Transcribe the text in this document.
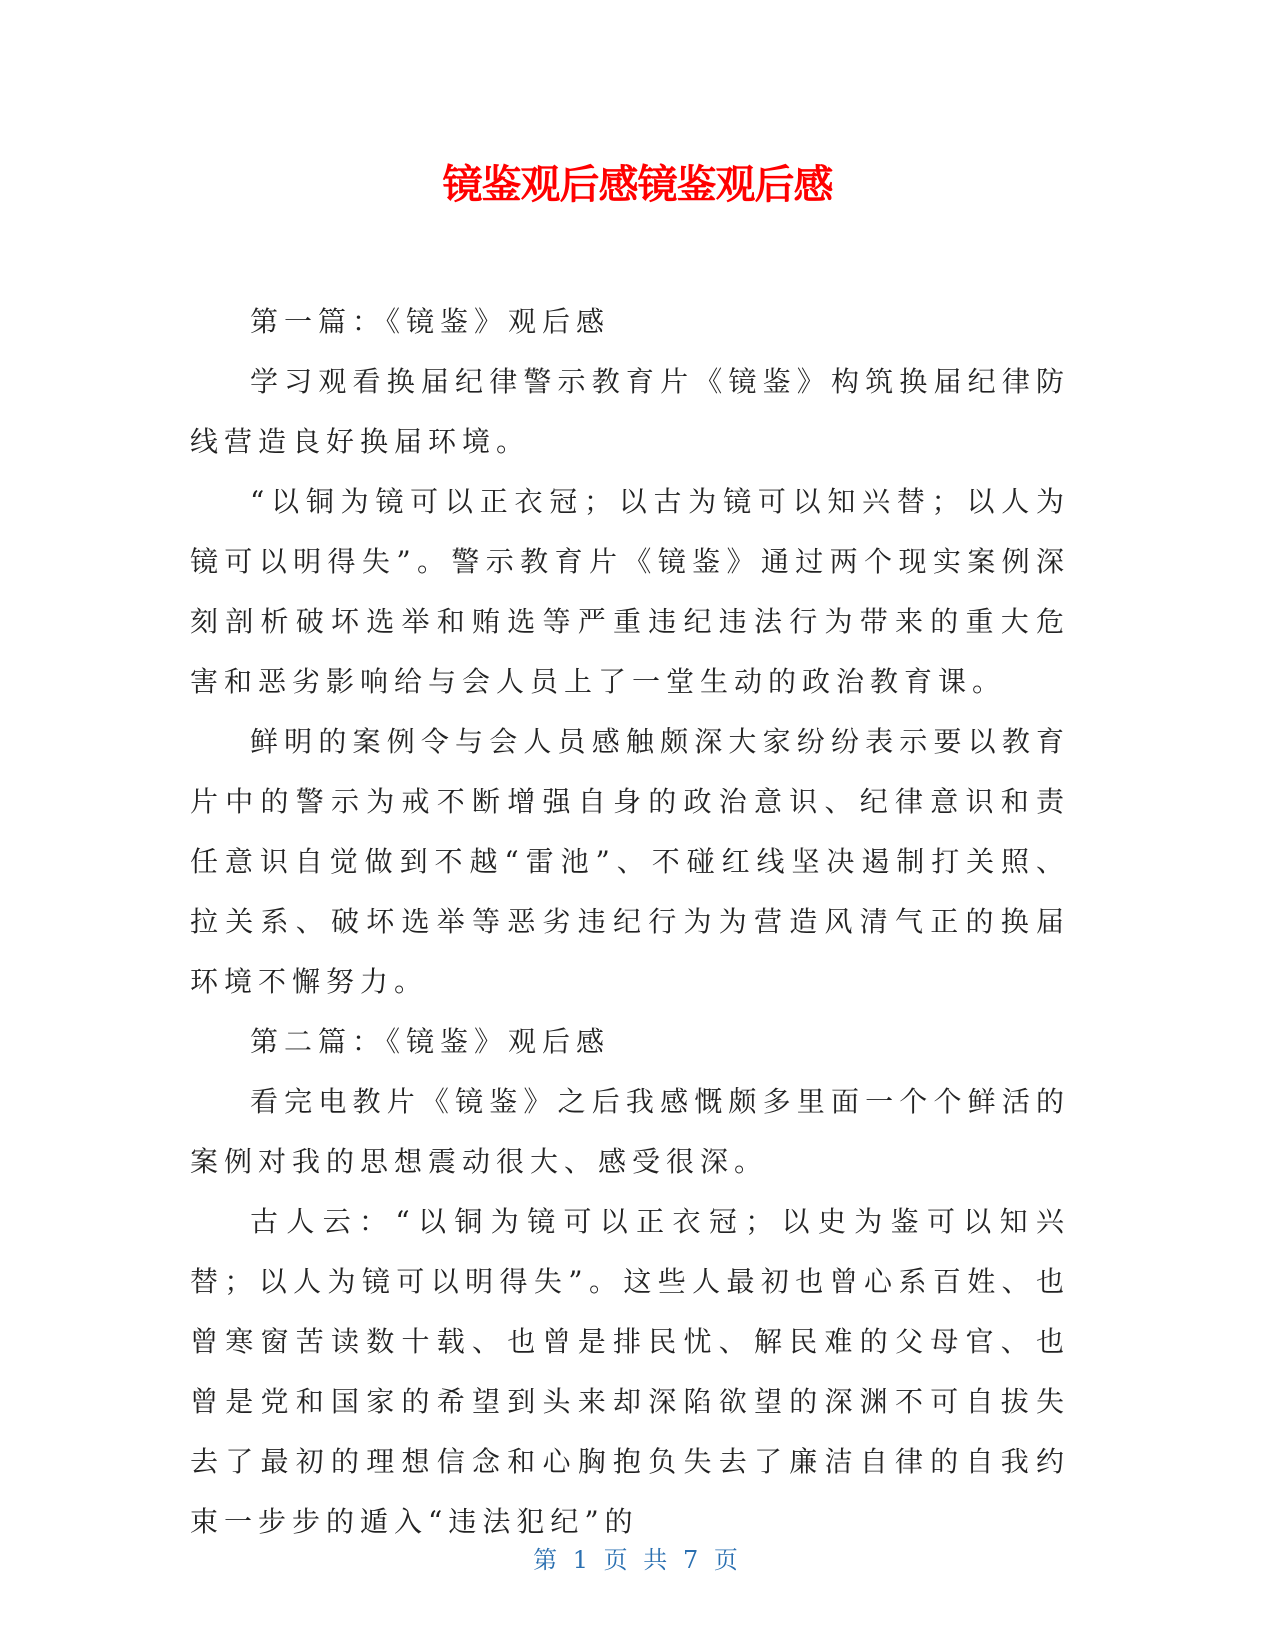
镜鉴观后感镜鉴观后感

第一篇：《镜鉴》观后感

学习观看换届纪律警示教育片《镜鉴》构筑换届纪律防线营造良好换届环境。

“以铜为镜可以正衣冠；以古为镜可以知兴替；以人为镜可以明得失”。警示教育片《镜鉴》通过两个现实案例深刻剖析破坏选举和贿选等严重违纪违法行为带来的重大危害和恶劣影响给与会人员上了一堂生动的政治教育课。

鲜明的案例令与会人员感触颇深大家纷纷表示要以教育片中的警示为戒不断增强自身的政治意识、纪律意识和责任意识自觉做到不越“雷池”、不碰红线坚决遏制打关照、拉关系、破坏选举等恶劣违纪行为为营造风清气正的换届环境不懈努力。

第二篇：《镜鉴》观后感

看完电教片《镜鉴》之后我感慨颇多里面一个个鲜活的案例对我的思想震动很大、感受很深。

古人云：“以铜为镜可以正衣冠；以史为鉴可以知兴替；以人为镜可以明得失”。这些人最初也曾心系百姓、也曾寒窗苦读数十载、也曾是排民忧、解民难的父母官、也曾是党和国家的希望到头来却深陷欲望的深渊不可自拔失去了最初的理想信念和心胸抱负失去了廉洁自律的自我约束一步步的遁入“违法犯纪”的

第 1 页 共 7 页
